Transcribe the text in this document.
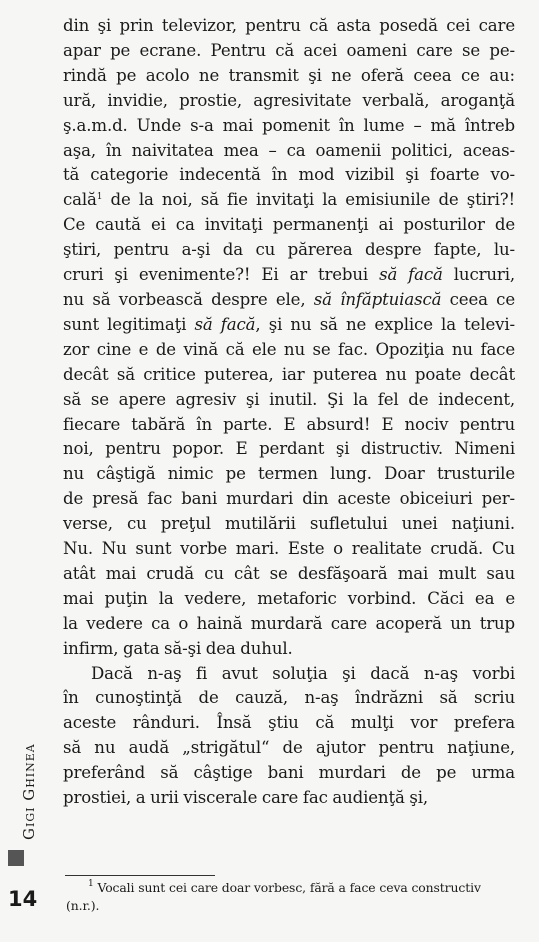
din şi prin televizor, pentru că asta posedă cei care
apar pe ecrane. Pentru că acei oameni care se pe-
rindă pe acolo ne transmit şi ne oferă ceea ce au:
ură, invidie, prostie, agresivitate verbală, aroganţă
ş.a.m.d. Unde s-a mai pomenit în lume – mă întreb
aşa, în naivitatea mea – ca oamenii politici, aceas-
tă categorie indecentă în mod vizibil şi foarte vo-
cală$^1$ de la noi, să fie invitaţi la emisiunile de ştiri?!
Ce caută ei ca invitaţi permanenţi ai posturilor de
ştiri, pentru a-şi da cu părerea despre fapte, lu-
cruri şi evenimente?! Ei ar trebui să facă lucruri,
nu să vorbească despre ele, să înfăptuiască ceea ce
sunt legitimaţi să facă, şi nu să ne explice la televi-
zor cine e de vină că ele nu se fac. Opoziţia nu face
decât să critice puterea, iar puterea nu poate decât
să se apere agresiv şi inutil. Şi la fel de indecent,
fiecare tabără în parte. E absurd! E nociv pentru
noi, pentru popor. E perdant şi distructiv. Nimeni
nu câştigă nimic pe termen lung. Doar trusturile
de presă fac bani murdari din aceste obiceiuri per-
verse, cu preţul mutilării sufletului unei naţiuni.
Nu. Nu sunt vorbe mari. Este o realitate crudă. Cu
atât mai crudă cu cât se desfăşoară mai mult sau
mai puţin la vedere, metaforic vorbind. Căci ea e
la vedere ca o haină murdară care acoperă un trup
infirm, gata să-şi dea duhul.

Dacă n-aş fi avut soluţia şi dacă n-aş vorbi
în cunoştinţă de cauză, n-aş îndrăzni să scriu
aceste rânduri. Însă ştiu că mulţi vor prefera
să nu audă „strigătul“ de ajutor pentru naţiune,
preferând să câştige bani murdari de pe urma
prostiei, a urii viscerale care fac audienţă şi,

$^1$ Vocali sunt cei care doar vorbesc, fără a face ceva constructiv
(n.r.).
Gigi Ghinea
14
